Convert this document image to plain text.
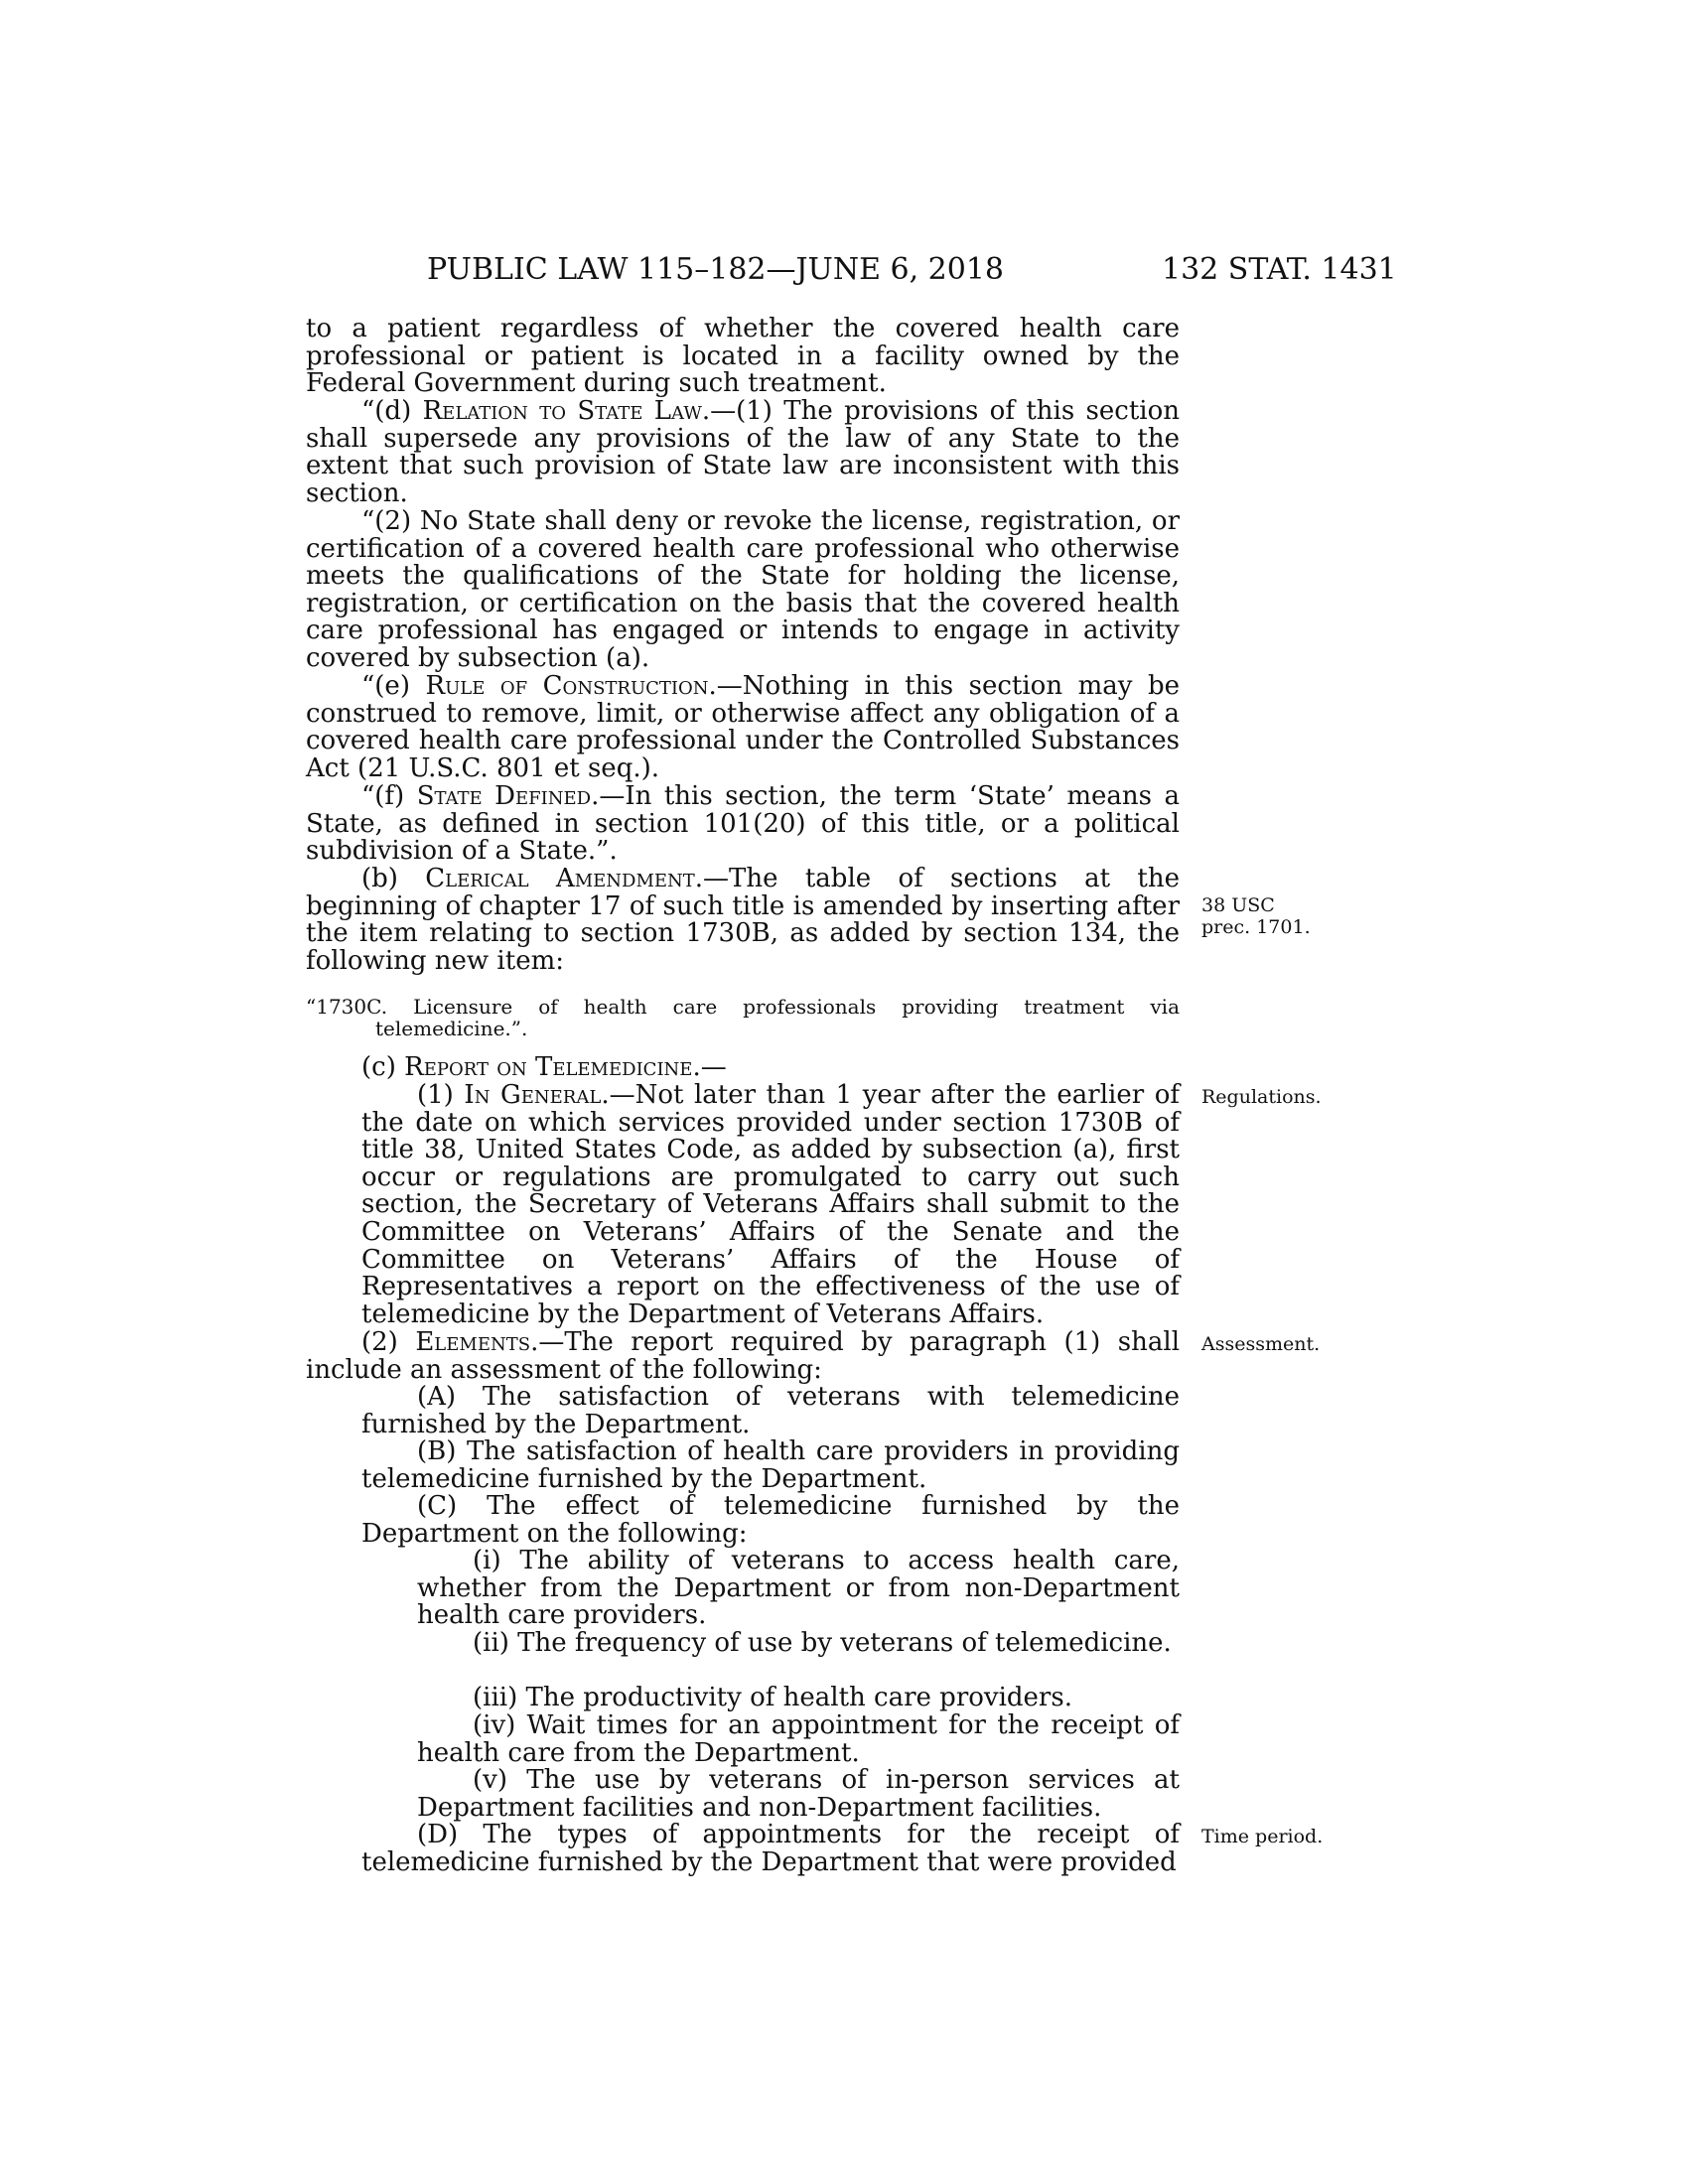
PUBLIC LAW 115–182—JUNE 6, 2018	132 STAT. 1431

to a patient regardless of whether the covered health care professional or patient is located in a facility owned by the Federal Government during such treatment.

“(d) Relation to State Law.—(1) The provisions of this section shall supersede any provisions of the law of any State to the extent that such provision of State law are inconsistent with this section.

“(2) No State shall deny or revoke the license, registration, or certification of a covered health care professional who otherwise meets the qualifications of the State for holding the license, registration, or certification on the basis that the covered health care professional has engaged or intends to engage in activity covered by subsection (a).

“(e) Rule of Construction.—Nothing in this section may be construed to remove, limit, or otherwise affect any obligation of a covered health care professional under the Controlled Substances Act (21 U.S.C. 801 et seq.).

“(f) State Defined.—In this section, the term ‘State’ means a State, as defined in section 101(20) of this title, or a political subdivision of a State.”.

(b) Clerical Amendment.—The table of sections at the beginning of chapter 17 of such title is amended by inserting after the item relating to section 1730B, as added by section 134, the following new item:

“1730C. Licensure of health care professionals providing treatment via telemedicine.”.

(c) Report on Telemedicine.—

(1) In General.—Not later than 1 year after the earlier of the date on which services provided under section 1730B of title 38, United States Code, as added by subsection (a), first occur or regulations are promulgated to carry out such section, the Secretary of Veterans Affairs shall submit to the Committee on Veterans’ Affairs of the Senate and the Committee on Veterans’ Affairs of the House of Representatives a report on the effectiveness of the use of telemedicine by the Department of Veterans Affairs.

(2) Elements.—The report required by paragraph (1) shall include an assessment of the following:

(A) The satisfaction of veterans with telemedicine furnished by the Department.

(B) The satisfaction of health care providers in providing telemedicine furnished by the Department.

(C) The effect of telemedicine furnished by the Department on the following:

(i) The ability of veterans to access health care, whether from the Department or from non-Department health care providers.

(ii) The frequency of use by veterans of telemedicine.

(iii) The productivity of health care providers.

(iv) Wait times for an appointment for the receipt of health care from the Department.

(v) The use by veterans of in-person services at Department facilities and non-Department facilities.

(D) The types of appointments for the receipt of telemedicine furnished by the Department that were provided

38 USC
prec. 1701.
Regulations.
Assessment.
Time period.
